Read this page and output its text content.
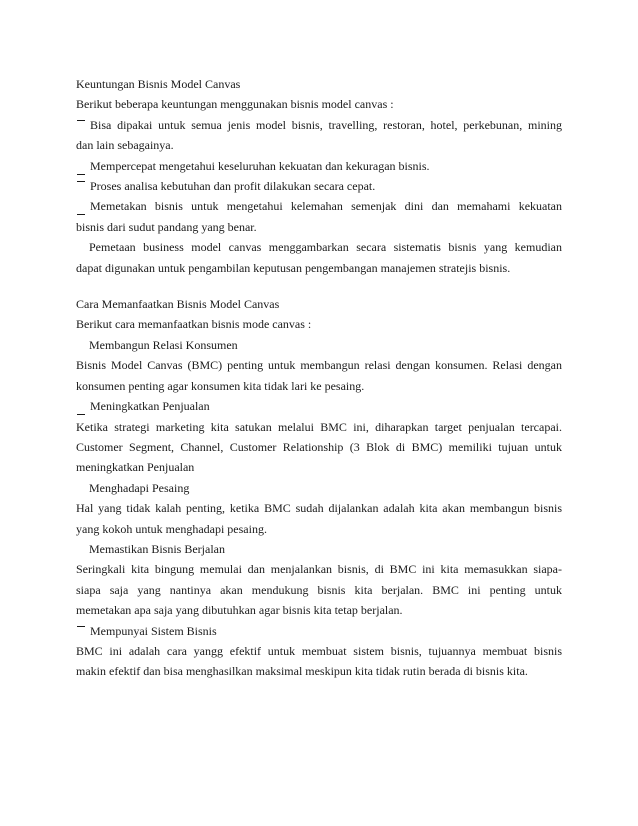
Keuntungan Bisnis Model Canvas
Berikut beberapa keuntungan menggunakan bisnis model canvas :
Bisa dipakai untuk semua jenis model bisnis, travelling, restoran, hotel, perkebunan, mining
dan lain sebagainya.
Mempercepat mengetahui keseluruhan kekuatan dan kekuragan bisnis.
Proses analisa kebutuhan dan profit dilakukan secara cepat.
Memetakan bisnis untuk mengetahui kelemahan semenjak dini dan memahami kekuatan
bisnis dari sudut pandang yang benar.
Pemetaan business model canvas menggambarkan secara sistematis bisnis yang kemudian
dapat digunakan untuk pengambilan keputusan pengembangan manajemen stratejis bisnis.
Cara Memanfaatkan Bisnis Model Canvas
Berikut cara memanfaatkan bisnis mode canvas :
Membangun Relasi Konsumen
Bisnis Model Canvas (BMC) penting untuk membangun relasi dengan konsumen. Relasi dengan
konsumen penting agar konsumen kita tidak lari ke pesaing.
Meningkatkan Penjualan
Ketika strategi marketing kita satukan melalui BMC ini, diharapkan target penjualan tercapai.
Customer Segment, Channel, Customer Relationship (3 Blok di BMC) memiliki tujuan untuk
meningkatkan Penjualan
Menghadapi Pesaing
Hal yang tidak kalah penting, ketika BMC sudah dijalankan adalah kita akan membangun bisnis
yang kokoh untuk menghadapi pesaing.
Memastikan Bisnis Berjalan
Seringkali kita bingung memulai dan menjalankan bisnis, di BMC ini kita memasukkan siapa-
siapa saja yang nantinya akan mendukung bisnis kita berjalan. BMC ini penting untuk
memetakan apa saja yang dibutuhkan agar bisnis kita tetap berjalan.
Mempunyai Sistem Bisnis
BMC ini adalah cara yangg efektif untuk membuat sistem bisnis, tujuannya membuat bisnis
makin efektif dan bisa menghasilkan maksimal meskipun kita tidak rutin berada di bisnis kita.
